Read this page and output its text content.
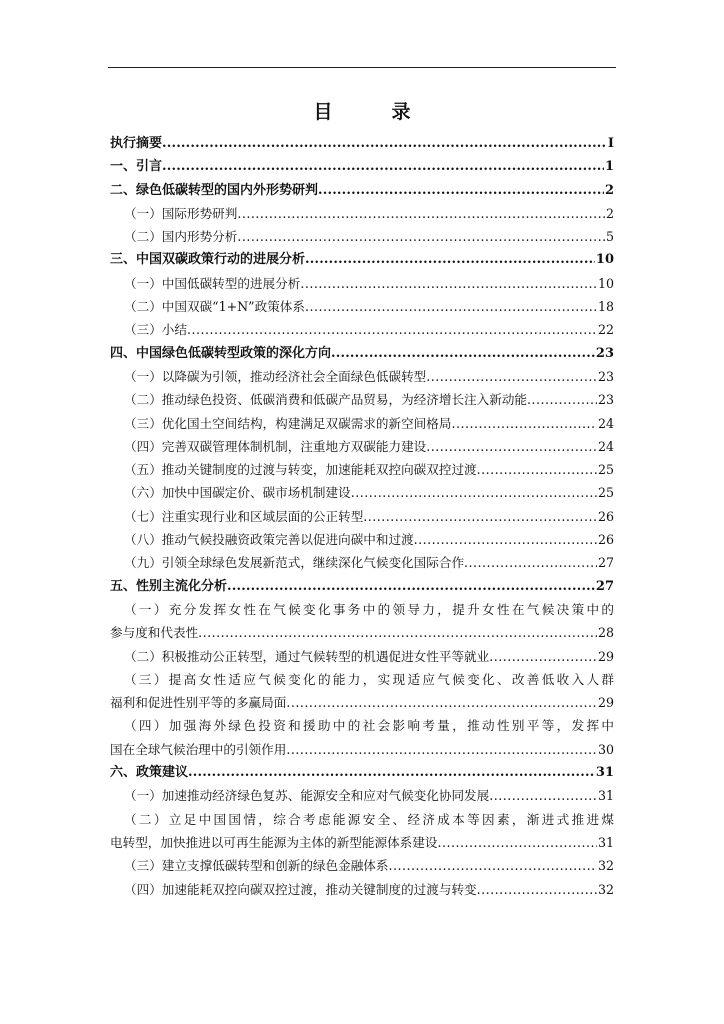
目　录
执行摘要 .....	I
一、引言 .....	1
二、绿色低碳转型的国内外形势研判 .....	2
（一）国际形势研判 .....	2
（二）国内形势分析 .....	5
三、中国双碳政策行动的进展分析 .....	10
（一）中国低碳转型的进展分析 .....	10
（二）中国双碳“1+N”政策体系 .....	18
（三）小结 .....	22
四、中国绿色低碳转型政策的深化方向 .....	23
（一）以降碳为引领，推动经济社会全面绿色低碳转型 .....	23
（二）推动绿色投资、低碳消费和低碳产品贸易，为经济增长注入新动能 .....	23
（三）优化国土空间结构，构建满足双碳需求的新空间格局 .....	24
（四）完善双碳管理体制机制，注重地方双碳能力建设 .....	24
（五）推动关键制度的过渡与转变，加速能耗双控向碳双控过渡 .....	25
（六）加快中国碳定价、碳市场机制建设 .....	25
（七）注重实现行业和区域层面的公正转型 .....	26
（八）推动气候投融资政策完善以促进向碳中和过渡 .....	26
（九）引领全球绿色发展新范式，继续深化气候变化国际合作 .....	27
五、性别主流化分析 .....	27
（一）充分发挥女性在气候变化事务中的领导力，提升女性在气候决策中的
参与度和代表性 .....	28
（二）积极推动公正转型，通过气候转型的机遇促进女性平等就业 .....	29
（三）提高女性适应气候变化的能力，实现适应气候变化、改善低收入人群
福利和促进性别平等的多赢局面 .....	29
（四）加强海外绿色投资和援助中的社会影响考量，推动性别平等，发挥中
国在全球气候治理中的引领作用 .....	30
六、政策建议 .....	31
（一）加速推动经济绿色复苏、能源安全和应对气候变化协同发展 .....	31
（二）立足中国国情，综合考虑能源安全、经济成本等因素，渐进式推进煤
电转型，加快推进以可再生能源为主体的新型能源体系建设 .....	31
（三）建立支撑低碳转型和创新的绿色金融体系 .....	32
（四）加速能耗双控向碳双控过渡，推动关键制度的过渡与转变 .....	32
